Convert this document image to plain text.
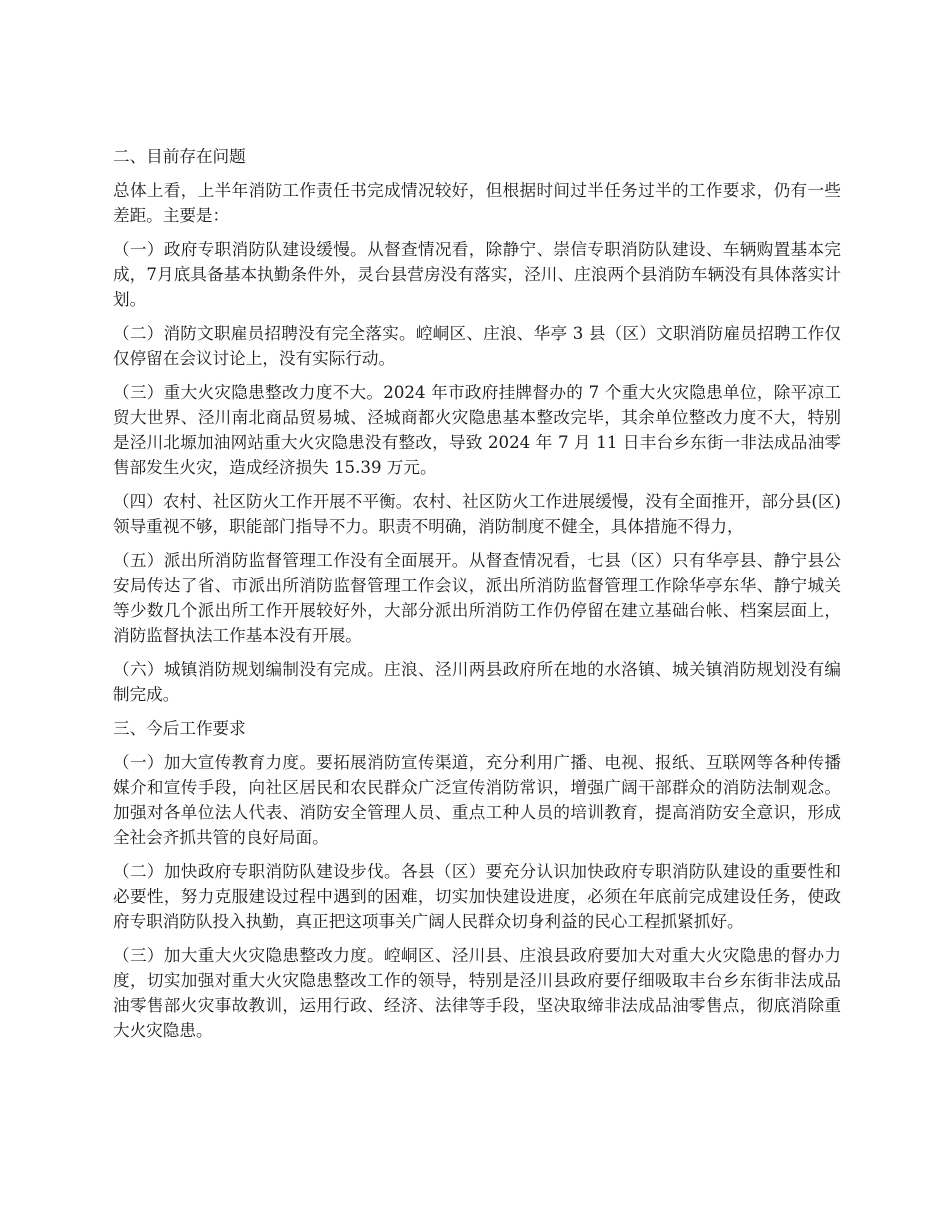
二、目前存在问题

总体上看，上半年消防工作责任书完成情况较好，但根据时间过半任务过半的工作要求，仍有一些差距。主要是：

（一）政府专职消防队建设缓慢。从督查情况看，除静宁、崇信专职消防队建设、车辆购置基本完成，7月底具备基本执勤条件外，灵台县营房没有落实，泾川、庄浪两个县消防车辆没有具体落实计划。

（二）消防文职雇员招聘没有完全落实。崆峒区、庄浪、华亭 3 县（区）文职消防雇员招聘工作仅仅停留在会议讨论上，没有实际行动。

（三）重大火灾隐患整改力度不大。2024 年市政府挂牌督办的 7 个重大火灾隐患单位，除平凉工贸大世界、泾川南北商品贸易城、泾城商都火灾隐患基本整改完毕，其余单位整改力度不大，特别是泾川北塬加油网站重大火灾隐患没有整改，导致 2024 年 7 月 11 日丰台乡东街一非法成品油零售部发生火灾，造成经济损失 15.39 万元。

（四）农村、社区防火工作开展不平衡。农村、社区防火工作进展缓慢，没有全面推开，部分县(区)领导重视不够，职能部门指导不力。职责不明确，消防制度不健全，具体措施不得力，

（五）派出所消防监督管理工作没有全面展开。从督查情况看，七县（区）只有华亭县、静宁县公安局传达了省、市派出所消防监督管理工作会议，派出所消防监督管理工作除华亭东华、静宁城关等少数几个派出所工作开展较好外，大部分派出所消防工作仍停留在建立基础台帐、档案层面上，消防监督执法工作基本没有开展。

（六）城镇消防规划编制没有完成。庄浪、泾川两县政府所在地的水洛镇、城关镇消防规划没有编制完成。

三、今后工作要求

（一）加大宣传教育力度。要拓展消防宣传渠道，充分利用广播、电视、报纸、互联网等各种传播媒介和宣传手段，向社区居民和农民群众广泛宣传消防常识，增强广阔干部群众的消防法制观念。加强对各单位法人代表、消防安全管理人员、重点工种人员的培训教育，提高消防安全意识，形成全社会齐抓共管的良好局面。

（二）加快政府专职消防队建设步伐。各县（区）要充分认识加快政府专职消防队建设的重要性和必要性，努力克服建设过程中遇到的困难，切实加快建设进度，必须在年底前完成建设任务，使政府专职消防队投入执勤，真正把这项事关广阔人民群众切身利益的民心工程抓紧抓好。

（三）加大重大火灾隐患整改力度。崆峒区、泾川县、庄浪县政府要加大对重大火灾隐患的督办力度，切实加强对重大火灾隐患整改工作的领导，特别是泾川县政府要仔细吸取丰台乡东街非法成品油零售部火灾事故教训，运用行政、经济、法律等手段，坚决取缔非法成品油零售点，彻底消除重大火灾隐患。
